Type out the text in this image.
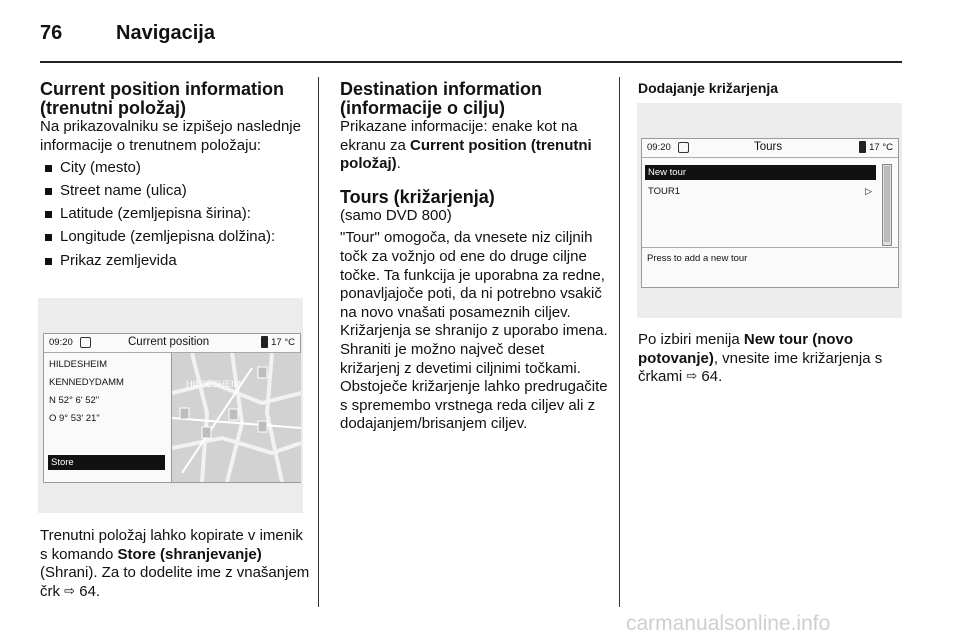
76	Navigacija

Current position information
(trenutni položaj)

Na prikazovalniku se izpišejo naslednje informacije o trenutnem položaju:

City (mesto)
Street name (ulica)
Latitude (zemljepisna širina):
Longitude (zemljepisna dolžina):
Prikaz zemljevida
09:20	Current position	17 °C
HILDESHEIM
KENNEDYDAMM
N 52° 6' 52"
O 9° 53' 21"
Store
HILDESHEIM
Trenutni položaj lahko kopirate v imenik s komando Store (shranjevanje) (Shrani). Za to dodelite ime z vnašanjem črk ⇨ 64.

Destination information
(informacije o cilju)

Prikazane informacije: enake kot na ekranu za Current position (trenutni položaj).

Tours (križarjenja)

(samo DVD 800)

"Tour" omogoča, da vnesete niz ciljnih točk za vožnjo od ene do druge ciljne točke. Ta funkcija je uporabna za redne, ponavljajoče poti, da ni potrebno vsakič na novo vnašati posameznih ciljev. Križarjenja se shranijo z uporabo imena. Shraniti je možno največ deset križarjenj z devetimi ciljnimi točkami. Obstoječe križarjenje lahko predrugačite s spremembo vrstnega reda ciljev ali z dodajanjem/brisanjem ciljev.

Dodajanje križarjenja

09:20	Tours	17 °C
New tour
TOUR1	▷
Press to add a new tour
Po izbiri menija New tour (novo potovanje), vnesite ime križarjenja s črkami ⇨ 64.
carmanualsonline.info
